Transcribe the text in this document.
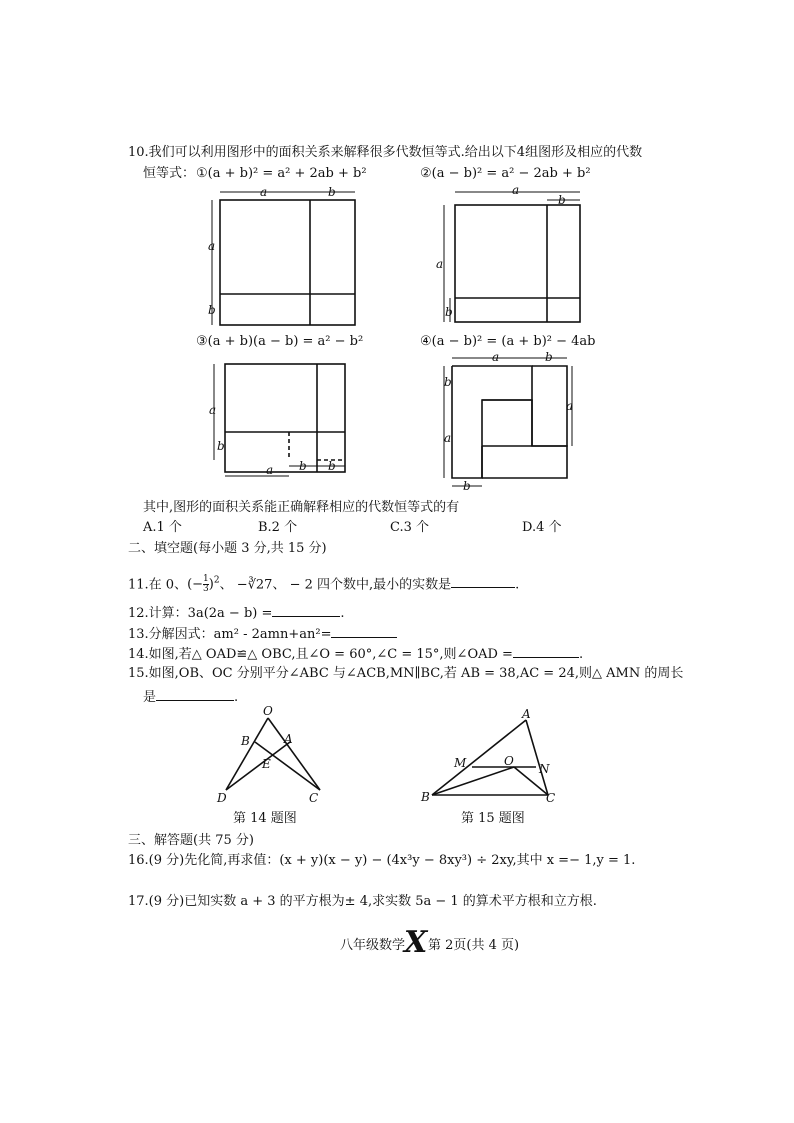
10.我们可以利用图形中的面积关系来解释很多代数恒等式.给出以下4组图形及相应的代数
恒等式： ①(a + b)² = a² + 2ab + b²	②(a − b)² = a² − 2ab + b²
a	b
a
b
a
b
a
b
③(a + b)(a − b) = a² − b²	④(a − b)² = (a + b)² − 4ab
a
b
a b b
a	b
a
b
a
b
其中,图形的面积关系能正确解释相应的代数恒等式的有
A.1 个	B.2 个	C.3 个	D.4 个
二、填空题(每小题 3 分,共 15 分)
11.在 0、(− $\frac{1}{3} )^2$、 −∛27、 − 2 四个数中,最小的实数是	.
12.计算：3a(2a − b) =	.
13.分解因式：am² - 2amn+an²=
14.如图,若△ OAD≌△ OBC,且∠O = 60°,∠C = 15°,则∠OAD =	.
15.如图,OB、OC 分别平分∠ABC 与∠ACB,MN∥BC,若 AB = 38,AC = 24,则△ AMN 的周长
是	.
O
B	A
E
D	C
第 14 题图
A
M	O
N
B	C
第 15 题图
三、解答题(共 75 分)
16.(9 分)先化简,再求值：(x + y)(x − y) − (4x³y − 8xy³) ÷ 2xy,其中 x =− 1,y = 1.
17.(9 分)已知实数 a + 3 的平方根为± 4,求实数 5a − 1 的算术平方根和立方根.
八年级数学
X 第 2页(共 4 页)
